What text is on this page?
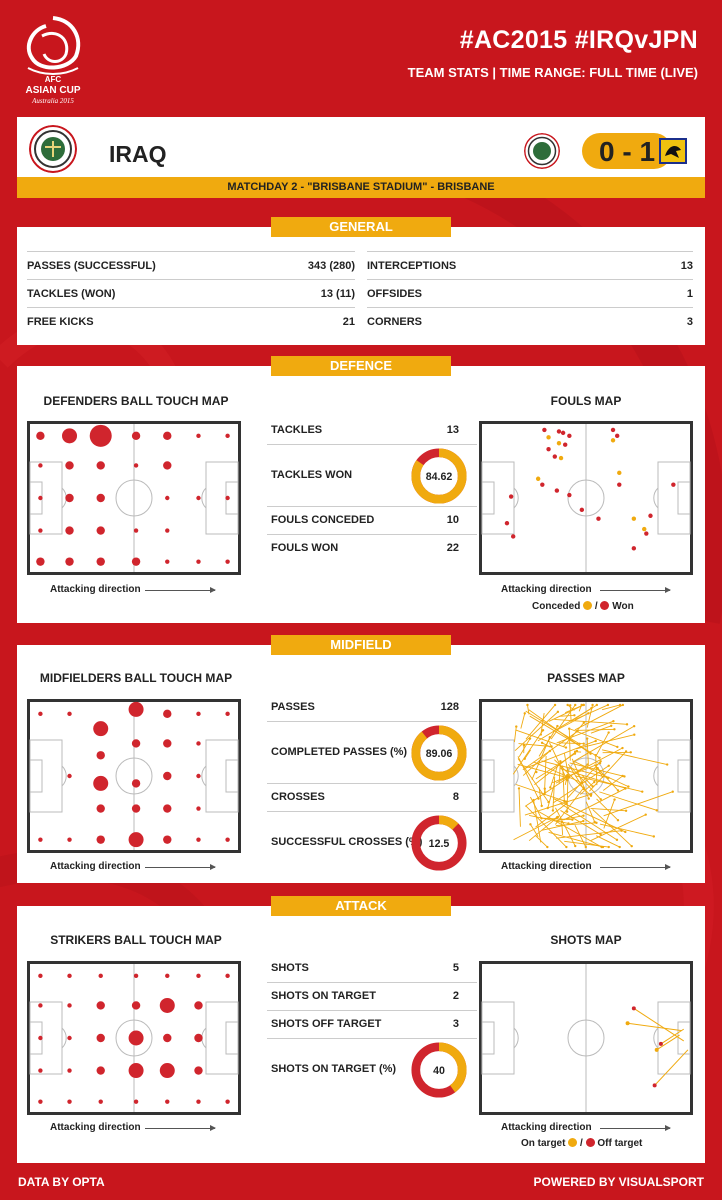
AFC
ASIAN CUP
Australia 2015
#AC2015 #IRQvJPN
TEAM STATS | TIME RANGE: FULL TIME (LIVE)
IRAQ	0 - 1
MATCHDAY 2 - "BRISBANE STADIUM" - BRISBANE
GENERAL
PASSES (SUCCESSFUL)	343 (280)
TACKLES (WON)	13 (11)
FREE KICKS	21
INTERCEPTIONS	13
OFFSIDES	1
CORNERS	3
DEFENCE
DEFENDERS BALL TOUCH MAP
Attacking direction
TACKLES	13
TACKLES WON	84.62
FOULS CONCEDED	10
FOULS WON	22
FOULS MAP
Attacking direction
Conceded / Won
MIDFIELD
MIDFIELDERS BALL TOUCH MAP
Attacking direction
PASSES	128
COMPLETED PASSES (%) 89.06
CROSSES	8
SUCCESSFUL CROSSES (%) 12.5
PASSES MAP
Attacking direction
ATTACK
STRIKERS BALL TOUCH MAP
Attacking direction
SHOTS	5
SHOTS ON TARGET	2
SHOTS OFF TARGET	3
SHOTS ON TARGET (%)	40
SHOTS MAP
Attacking direction
On target / Off target
DATA BY OPTA	POWERED BY VISUALSPORT
